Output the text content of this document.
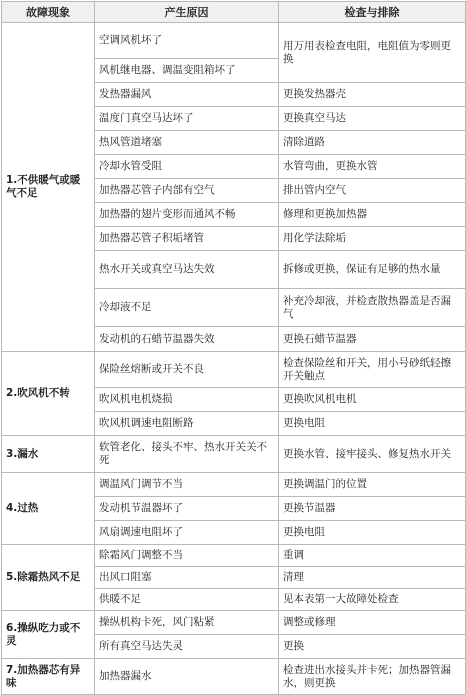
故障现象	产生原因	检查与排除
1.不供暖气或暖气不足	空调风机坏了	用万用表检查电阻，电阻值为零则更换
	风机继电器、调温变阻箱坏了	
	发热器漏风	更换发热器壳
	温度门真空马达坏了	更换真空马达
	热风管道堵塞	清除道路
	冷却水管受阻	水管弯曲，更换水管
	加热器芯管子内部有空气	排出管内空气
	加热器的翅片变形而通风不畅	修理和更换加热器
	加热器芯管子积垢堵管	用化学法除垢
	热水开关或真空马达失效	拆修或更换，保证有足够的热水量
	冷却液不足	补充冷却液，并检查散热器盖是否漏气
	发动机的石蜡节温器失效	更换石蜡节温器
2.吹风机不转	保险丝熔断或开关不良	检查保险丝和开关，用小号砂纸轻擦开关触点
	吹风机电机烧损	更换吹风机电机
	吹风机调速电阻断路	更换电阻
3.漏水	软管老化、接头不牢、热水开关关不死	更换水管、接牢接头、修复热水开关
4.过热	调温风门调节不当	更换调温门的位置
	发动机节温器坏了	更换节温器
	风扇调速电阻坏了	更换电阻
5.除霜热风不足	除霜风门调整不当	重调
	出风口阻塞	清理
	供暖不足	见本表第一大故障处检查
6.操纵吃力或不灵	操纵机构卡死，风门粘紧	调整或修理
	所有真空马达失灵	更换
7.加热器芯有异味	加热器漏水	检查进出水接头并卡死；加热器管漏水，则更换
